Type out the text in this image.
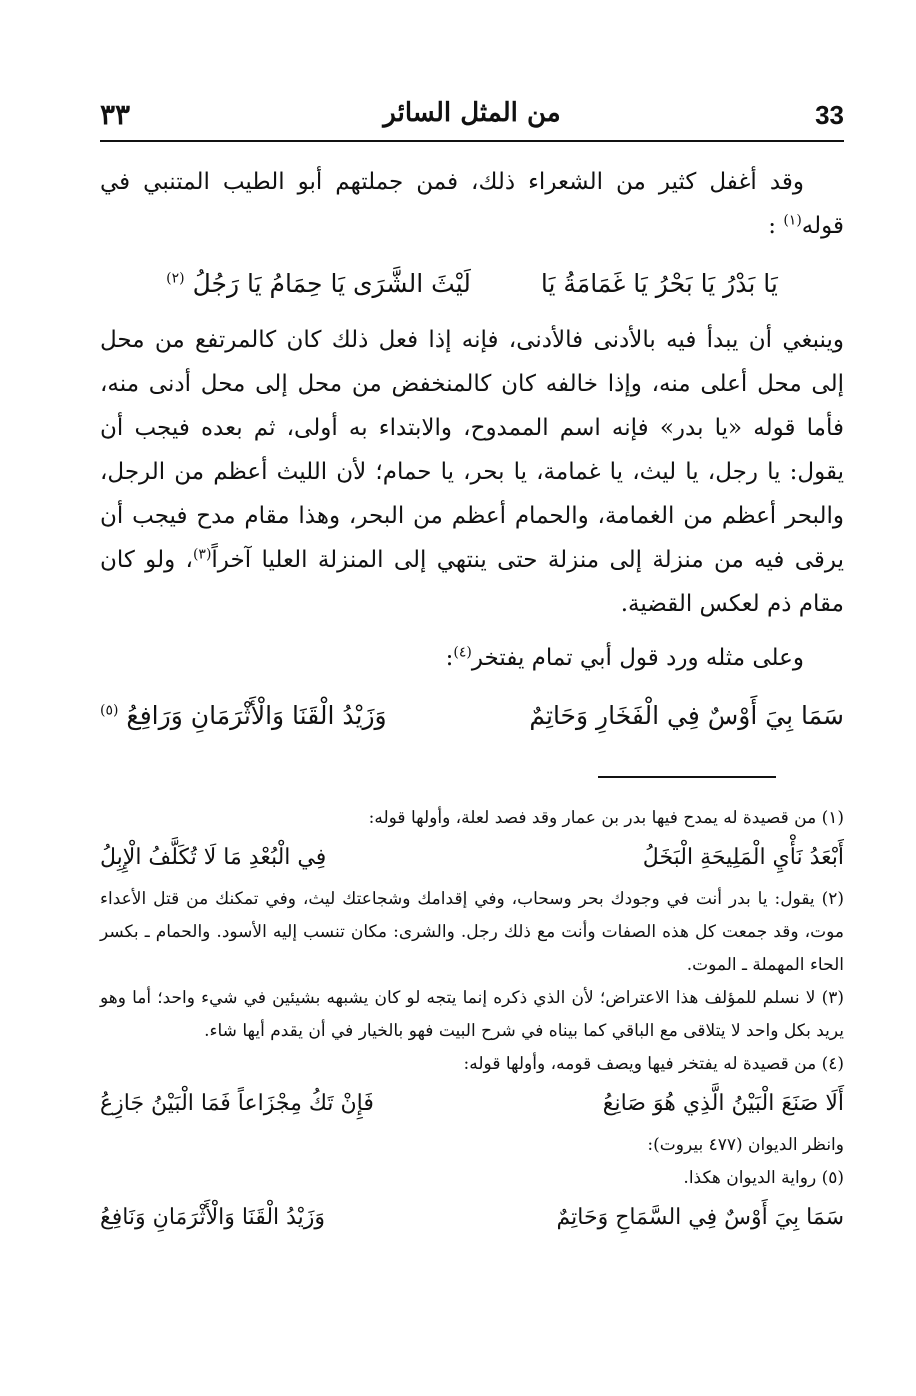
33
من المثل السائر
٣٣

وقد أغفل كثير من الشعراء ذلك، فمن جملتهم أبو الطيب المتنبي في قوله$^{(١)}$ :

يَا بَدْرُ يَا بَحْرُ يَا غَمَامَةُ يَا
لَيْثَ الشَّرَى يَا حِمَامُ يَا رَجُلُ $^{(٢)}$

وينبغي أن يبدأ فيه بالأدنى فالأدنى، فإنه إذا فعل ذلك كان كالمرتفع من محل إلى محل أعلى منه، وإذا خالفه كان كالمنخفض من محل إلى محل أدنى منه، فأما قوله «يا بدر» فإنه اسم الممدوح، والابتداء به أولى، ثم بعده فيجب أن يقول: يا رجل، يا ليث، يا غمامة، يا بحر، يا حمام؛ لأن الليث أعظم من الرجل، والبحر أعظم من الغمامة، والحمام أعظم من البحر، وهذا مقام مدح فيجب أن يرقى فيه من منزلة إلى منزلة حتى ينتهي إلى المنزلة العليا آخراً$^{(٣)}$، ولو كان مقام ذم لعكس القضية.

وعلى مثله ورد قول أبي تمام يفتخر$^{(٤)}$:

سَمَا بِيَ أَوْسٌ فِي الْفَخَارِ وَحَاتِمٌ
وَزَيْدُ الْقَنَا وَالْأَثْرَمَانِ وَرَافِعُ $^{(٥)}$

(١) من قصيدة له يمدح فيها بدر بن عمار وقد فصد لعلة، وأولها قوله:

أَبْعَدُ نَأْيِ الْمَلِيحَةِ الْبَخَلُ
فِي الْبُعْدِ مَا لَا تُكَلَّفُ الْإِبِلُ

(٢) يقول: يا بدر أنت في وجودك بحر وسحاب، وفي إقدامك وشجاعتك ليث، وفي تمكنك من قتل الأعداء موت، وقد جمعت كل هذه الصفات وأنت مع ذلك رجل. والشرى: مكان تنسب إليه الأسود. والحمام ـ بكسر الحاء المهملة ـ الموت.

(٣) لا نسلم للمؤلف هذا الاعتراض؛ لأن الذي ذكره إنما يتجه لو كان يشبهه بشيئين في شيء واحد؛ أما وهو يريد بكل واحد لا يتلاقى مع الباقي كما بيناه في شرح البيت فهو بالخيار في أن يقدم أيها شاء.

(٤) من قصيدة له يفتخر فيها ويصف قومه، وأولها قوله:

أَلَا صَنَعَ الْبَيْنُ الَّذِي هُوَ صَانِعُ
فَإِنْ تَكُ مِجْزَاعاً فَمَا الْبَيْنُ جَازِعُ

وانظر الديوان (٤٧٧ بيروت):

(٥) رواية الديوان هكذا.

سَمَا بِيَ أَوْسٌ فِي السَّمَاحِ وَحَاتِمٌ
وَزَيْدُ الْقَنَا وَالْأَثْرَمَانِ وَنَافِعُ
